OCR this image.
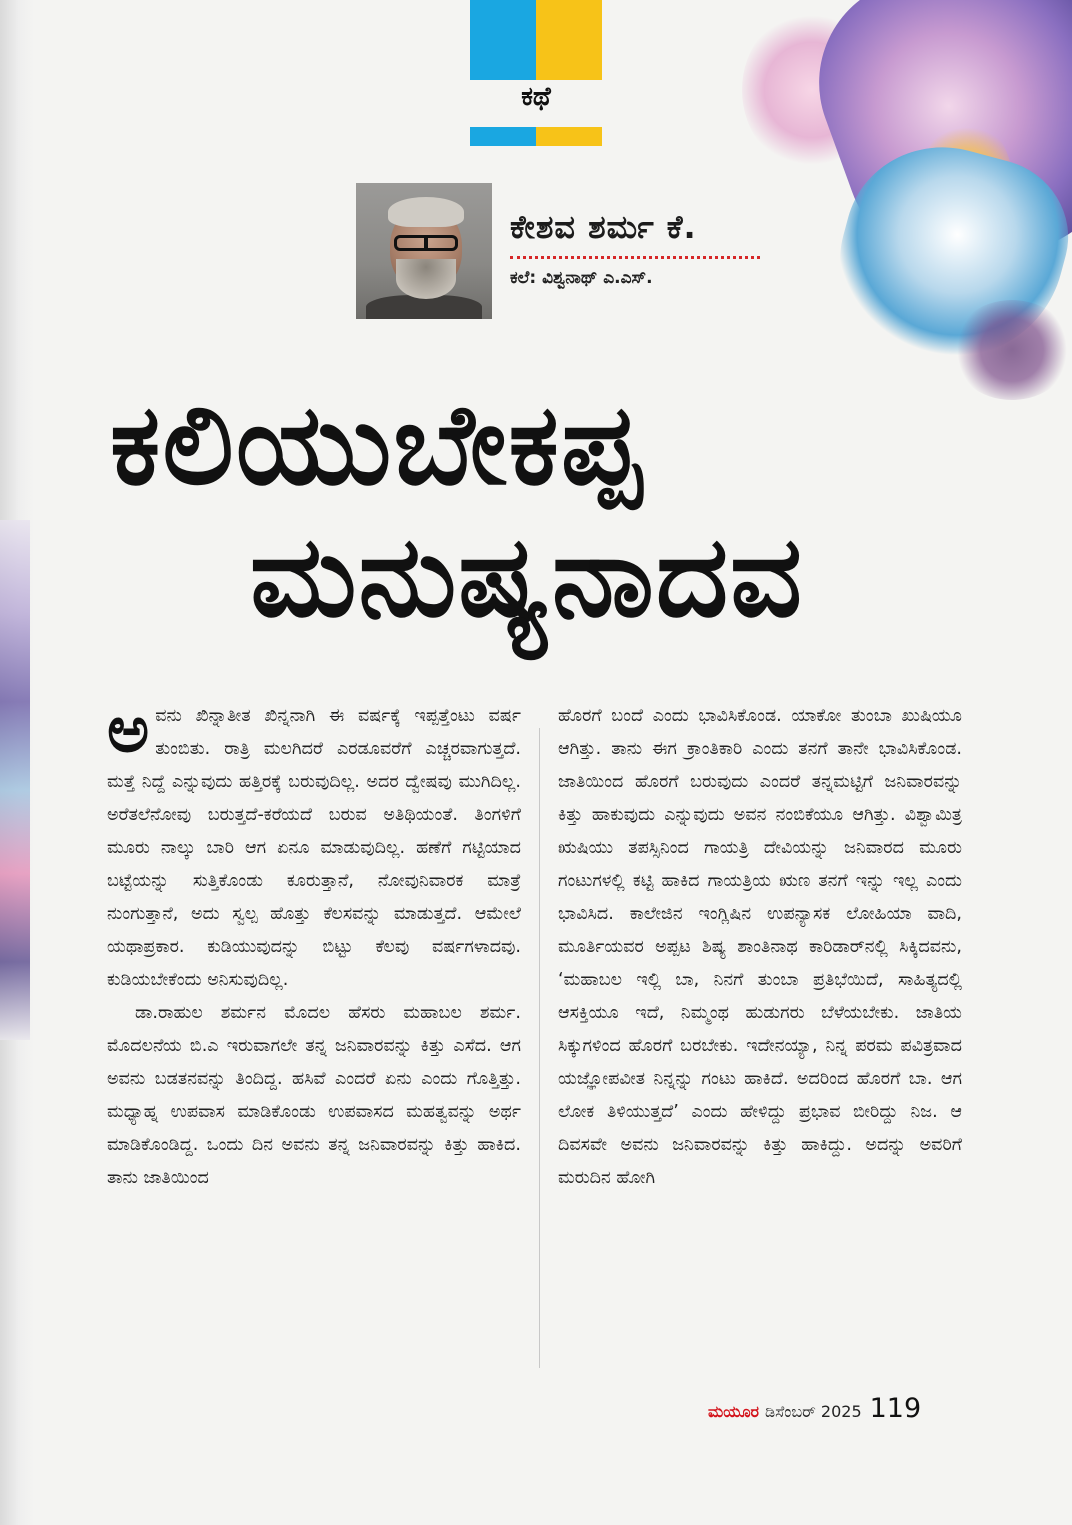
ಕಥೆ
ಕೇಶವ ಶರ್ಮ ಕೆ.
ಕಲೆ: ವಿಶ್ವನಾಥ್ ಎ.ಎಸ್.
ಕಲಿಯುಬೇಕಪ್ಪ
ಮನುಷ್ಯನಾದವ

ಅವನು ಖಿನ್ನಾತೀತ ಖಿನ್ನನಾಗಿ ಈ ವರ್ಷಕ್ಕೆ ಇಪ್ಪತ್ತೆಂಟು ವರ್ಷ ತುಂಬಿತು. ರಾತ್ರಿ ಮಲಗಿದರೆ ಎರಡೂವರೆಗೆ ಎಚ್ಚರವಾಗುತ್ತದೆ. ಮತ್ತೆ ನಿದ್ದೆ ಎನ್ನುವುದು ಹತ್ತಿರಕ್ಕೆ ಬರುವುದಿಲ್ಲ. ಅದರ ದ್ವೇಷವು ಮುಗಿದಿಲ್ಲ. ಅರೆತಲೆನೋವು ಬರುತ್ತದೆ-ಕರೆಯದೆ ಬರುವ ಅತಿಥಿಯಂತೆ. ತಿಂಗಳಿಗೆ ಮೂರು ನಾಲ್ಕು ಬಾರಿ ಆಗ ಏನೂ ಮಾಡುವುದಿಲ್ಲ. ಹಣೆಗೆ ಗಟ್ಟಿಯಾದ ಬಟ್ಟೆಯನ್ನು ಸುತ್ತಿಕೊಂಡು ಕೂರುತ್ತಾನೆ, ನೋವುನಿವಾರಕ ಮಾತ್ರೆ ನುಂಗುತ್ತಾನೆ, ಅದು ಸ್ವಲ್ಪ ಹೊತ್ತು ಕೆಲಸವನ್ನು ಮಾಡುತ್ತದೆ. ಆಮೇಲೆ ಯಥಾಪ್ರಕಾರ. ಕುಡಿಯುವುದನ್ನು ಬಿಟ್ಟು ಕೆಲವು ವರ್ಷಗಳಾದವು. ಕುಡಿಯಬೇಕೆಂದು ಅನಿಸುವುದಿಲ್ಲ.

ಡಾ.ರಾಹುಲ ಶರ್ಮನ ಮೊದಲ ಹೆಸರು ಮಹಾಬಲ ಶರ್ಮ. ಮೊದಲನೆಯ ಬಿ.ಎ ಇರುವಾಗಲೇ ತನ್ನ ಜನಿವಾರವನ್ನು ಕಿತ್ತು ಎಸೆದ. ಆಗ ಅವನು ಬಡತನವನ್ನು ತಿಂದಿದ್ದ. ಹಸಿವೆ ಎಂದರೆ ಏನು ಎಂದು ಗೊತ್ತಿತ್ತು. ಮಧ್ಯಾಹ್ನ ಉಪವಾಸ ಮಾಡಿಕೊಂಡು ಉಪವಾಸದ ಮಹತ್ವವನ್ನು ಅರ್ಥ ಮಾಡಿಕೊಂಡಿದ್ದ. ಒಂದು ದಿನ ಅವನು ತನ್ನ ಜನಿವಾರವನ್ನು ಕಿತ್ತು ಹಾಕಿದ. ತಾನು ಜಾತಿಯಿಂದ

ಹೊರಗೆ ಬಂದೆ ಎಂದು ಭಾವಿಸಿಕೊಂಡ. ಯಾಕೋ ತುಂಬಾ ಖುಷಿಯೂ ಆಗಿತ್ತು. ತಾನು ಈಗ ಕ್ರಾಂತಿಕಾರಿ ಎಂದು ತನಗೆ ತಾನೇ ಭಾವಿಸಿಕೊಂಡ. ಜಾತಿಯಿಂದ ಹೊರಗೆ ಬರುವುದು ಎಂದರೆ ತನ್ನಮಟ್ಟಿಗೆ ಜನಿವಾರವನ್ನು ಕಿತ್ತು ಹಾಕುವುದು ಎನ್ನುವುದು ಅವನ ನಂಬಿಕೆಯೂ ಆಗಿತ್ತು. ವಿಶ್ವಾಮಿತ್ರ ಋಷಿಯು ತಪಸ್ಸಿನಿಂದ ಗಾಯತ್ರಿ ದೇವಿಯನ್ನು ಜನಿವಾರದ ಮೂರು ಗಂಟುಗಳಲ್ಲಿ ಕಟ್ಟಿ ಹಾಕಿದ ಗಾಯತ್ರಿಯ ಋಣ ತನಗೆ ಇನ್ನು ಇಲ್ಲ ಎಂದು ಭಾವಿಸಿದ. ಕಾಲೇಜಿನ ಇಂಗ್ಲಿಷಿನ ಉಪನ್ಯಾಸಕ ಲೋಹಿಯಾ ವಾದಿ, ಮೂರ್ತಿಯವರ ಅಪ್ಪಟ ಶಿಷ್ಯ ಶಾಂತಿನಾಥ ಕಾರಿಡಾರ್‌ನಲ್ಲಿ ಸಿಕ್ಕಿದವನು, ‘ಮಹಾಬಲ ಇಲ್ಲಿ ಬಾ, ನಿನಗೆ ತುಂಬಾ ಪ್ರತಿಭೆಯಿದೆ, ಸಾಹಿತ್ಯದಲ್ಲಿ ಆಸಕ್ತಿಯೂ ಇದೆ, ನಿಮ್ಮಂಥ ಹುಡುಗರು ಬೆಳೆಯಬೇಕು. ಜಾತಿಯ ಸಿಕ್ಕುಗಳಿಂದ ಹೊರಗೆ ಬರಬೇಕು. ಇದೇನಯ್ಯಾ, ನಿನ್ನ ಪರಮ ಪವಿತ್ರವಾದ ಯಜ್ಞೋಪವೀತ ನಿನ್ನನ್ನು ಗಂಟು ಹಾಕಿದೆ. ಅದರಿಂದ ಹೊರಗೆ ಬಾ. ಆಗ ಲೋಕ ತಿಳಿಯುತ್ತದೆ’ ಎಂದು ಹೇಳಿದ್ದು ಪ್ರಭಾವ ಬೀರಿದ್ದು ನಿಜ. ಆ ದಿವಸವೇ ಅವನು ಜನಿವಾರವನ್ನು ಕಿತ್ತು ಹಾಕಿದ್ದು. ಅದನ್ನು ಅವರಿಗೆ ಮರುದಿನ ಹೋಗಿ

ಮಯೂರ ಡಿಸೆಂಬರ್ 2025 119
